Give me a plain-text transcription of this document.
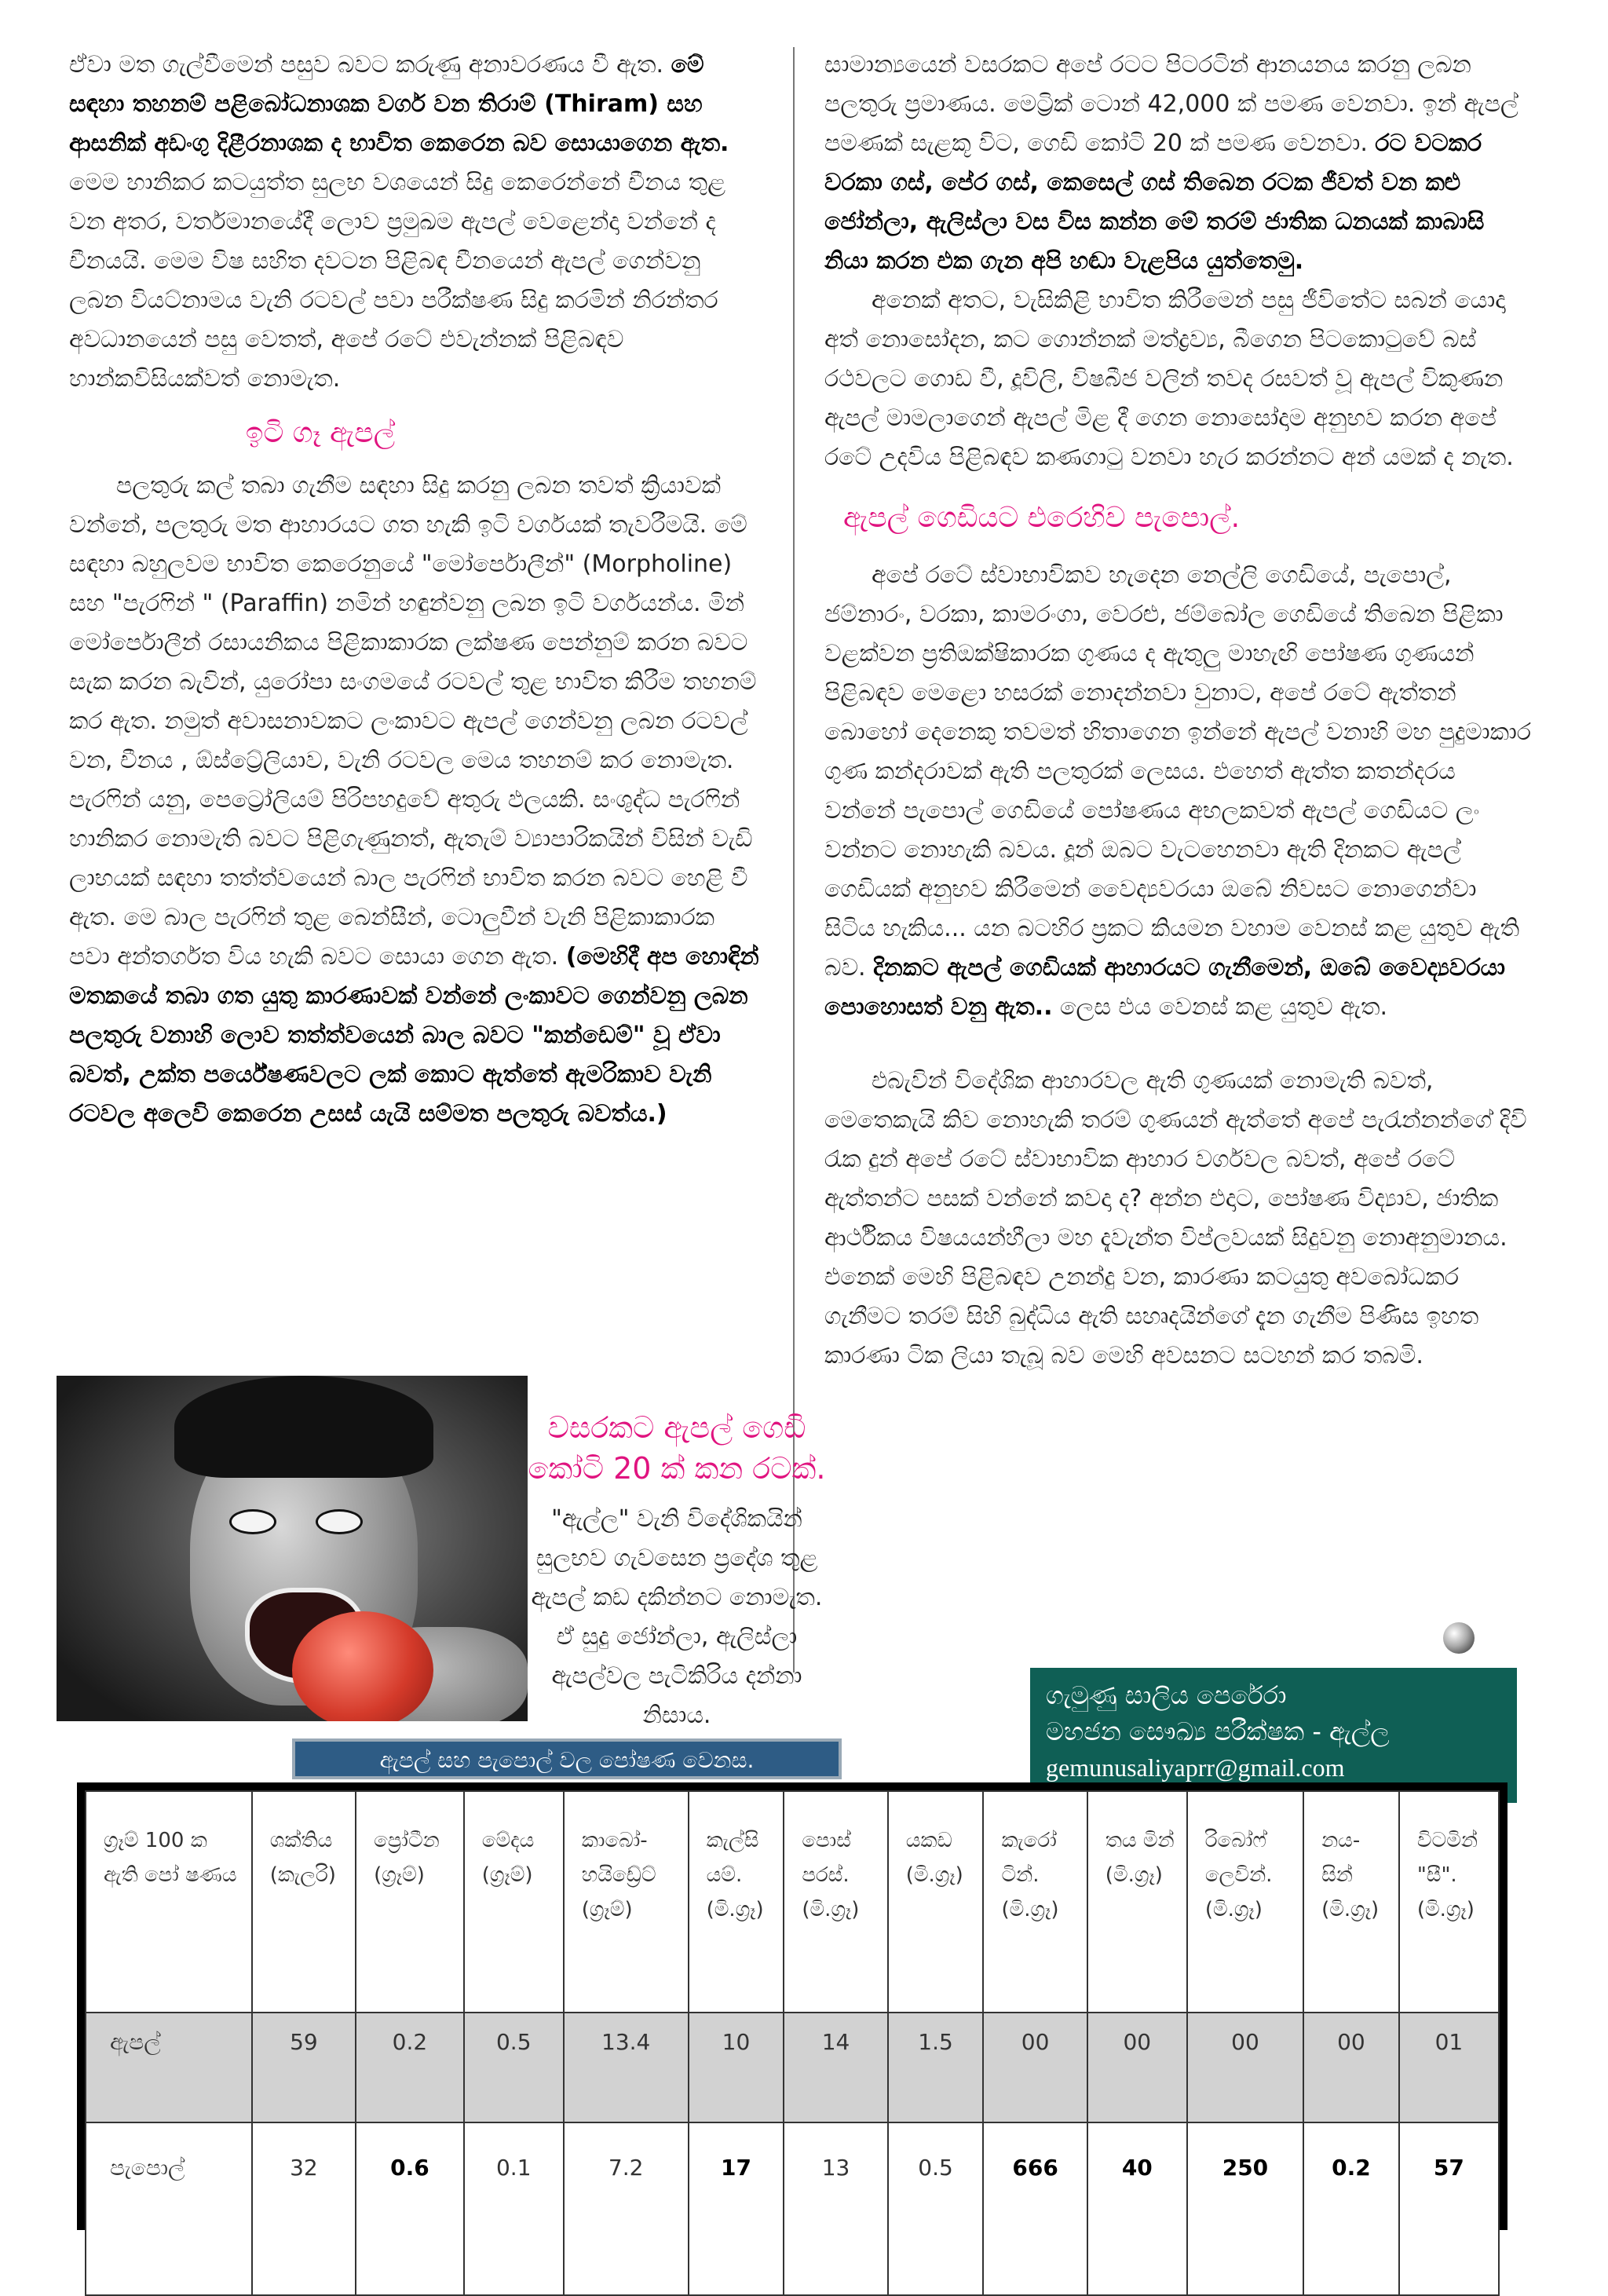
ඒවා මත ගැල්වීමෙන් පසුව බවට කරුණු අනාවරණය වී ඇත. මේ සඳහා තහනම් පළිබෝධනාශක වර්ග වන තිරාම් (Thiram) සහ ආසනික් අඩංගු දිළීරනාශක ද භාවිත කෙරෙන බව සොයාගෙන ඇත. මෙම හානිකර කටයුත්ත සුලභ වශයෙන් සිදු කෙරෙන්නේ චීනය තුළ වන අතර, වර්තමානයේදී ලොව ප්‍රමුඛම ඇපල් වෙළෙන්දා වන්නේ ද චීනයයි. මෙම විෂ සහිත දවටන පිළිබඳ චීනයෙන් ඇපල් ගෙන්වනු ලබන වියට්නාමය වැනි රටවල් පවා පරීක්ෂණ සිදු කරමින් නිරන්තර අවධානයෙන් පසු වෙතත්, අපේ රටේ එවැන්නක් පිළිබඳව හාන්කවිසියක්වත් නොමැත.

ඉටි ගෑ ඇපල්

පලතුරු කල් තබා ගැනීම සඳහා සිදු කරනු ලබන තවත් ක්‍රියාවක් වන්නේ, පලතුරු මත ආහාරයට ගත හැකි ඉටි වර්ගයක් තැවරීමයි. මේ සඳහා බහුලවම භාවිත කෙරෙනුයේ "මෝර්පොලීන්" (Morpholine) සහ "පැරෆින් " (Paraffin) නමින් හඳුන්වනු ලබන ඉටි වර්ගයන්ය. මින් මෝර්පොලීන් රසායනිකය පිළිකාකාරක ලක්ෂණ පෙන්නුම් කරන බවට සැක කරන බැවින්, යුරෝපා සංගමයේ රටවල් තුළ භාවිත කිරීම තහනම් කර ඇත. නමුත් අවාසනාවකට ලංකාවට ඇපල් ගෙන්වනු ලබන රටවල් වන, චීනය , ඕස්ට්‍රේලියාව, වැනි රටවල මෙය තහනම් කර නොමැත. පැරෆින් යනු, පෙට්‍රෝලියම් පිරිපහදුවේ අතුරු ඵලයකි. සංශුද්ධ පැරෆින් හානිකර නොමැති බවට පිළිගැණුනත්, ඇතැම් ව්‍යාපාරිකයින් විසින් වැඩි ලාභයක් සඳහා තත්ත්වයෙන් බාල පැරෆින් භාවිත කරන බවට හෙළි වී ඇත. මෙ බාල පැරෆින් තුළ බෙන්සීන්, ටොලුවීන් වැනි පිළිකාකාරක පවා අන්තර්ගත විය හැකි බවට සොයා ගෙන ඇත. (මෙහිදී අප හොඳින් මතකයේ තබා ගත යුතු කාරණාවක් වන්නේ ලංකාවට ගෙන්වනු ලබන පලතුරු වනාහි ලොව තත්ත්වයෙන් බාල බවට "කන්ඩෙම්" වූ ඒවා බවත්, උක්ත පර්යේෂණවලට ලක් කොට ඇත්තේ ඇමරිකාව වැනි රටවල අලෙවි කෙරෙන උසස් යැයි සම්මත පලතුරු බවත්ය.)

සාමාන්‍යයෙන් වසරකට අපේ රටට පිටරටින් ආනයනය කරනු ලබන පලතුරු ප්‍රමාණය. මෙට්‍රික් ටොන් 42,000 ක් පමණ වෙනවා. ඉන් ඇපල් පමණක් සැළකූ විට, ගෙඩි කෝටි 20 ක් පමණ වෙනවා. රට වටකර වරකා ගස්, පේර ගස්, කෙසෙල් ගස් තිබෙන රටක ජීවත් වන කළු ජෝන්ලා, ඇලිස්ලා වස විස කන්න මේ තරම් ජාතික ධනයක් කාබාසි නියා කරන එක ගැන අපි හඬා වැළපිය යුත්තෙමු.

අනෙක් අතට, වැසිකිළි භාවිත කිරීමෙන් පසු ජීවිතේට සබන් යොදා අත් නොසෝදන, කට ගොන්නක් මත්ද්‍රව්‍ය, බීගෙන පිටකොටුවේ බස් රථවලට ගොඩ වී, දූවිලි, විෂබීජ වලින් තවද රසවත් වූ ඇපල් විකුණන ඇපල් මාමලාගෙන් ඇපල් මිළ දී ගෙන නොසෝදාම අනුභව කරන අපේ රටේ උදවිය පිළිබඳව කණගාටු වනවා හැර කරන්නට අන් යමක් ද නැත.

ඇපල් ගෙඩියට එරෙහිව පැපොල්.

අපේ රටේ ස්වාභාවිකව හැදෙන නෙල්ලි ගෙඩියේ, පැපොල්, ජම්නාරං, වරකා, කාමරංගා, වෙරළු, ජම්බෝල ගෙඩියේ තිබෙන පිළිකා වළක්වන ප්‍රතිඔක්ෂිකාරක ගුණය ද ඇතුලු මාහැඟි පෝෂණ ගුණයන් පිළිබඳව මෙළො හසරක් නොදන්නවා වුනාට, අපේ රටේ ඇත්තන් බොහෝ දෙනෙකු තවමත් හිතාගෙන ඉන්නේ ඇපල් වනාහි මහ පුදුමාකාර ගුණ කන්දරාවක් ඇති පලතුරක් ලෙසය. එහෙත් ඇත්ත කතන්දරය වන්නේ පැපොල් ගෙඩියේ පෝෂණය අභලකවත් ඇපල් ගෙඩියට ලං වන්නට නොහැකි බවය. දූන් ඔබට වැටහෙනවා ඇති දිනකට ඇපල් ගෙඩියක් අනුභව කිරීමෙන් වෛද්‍යවරයා ඔබේ නිවසට නොගෙන්වා සිටිය හැකිය... යන බටහිර ප්‍රකට කියමන වහාම වෙනස් කළ යුතුව ඇති බව. දිනකට ඇපල් ගෙඩියක් ආහාරයට ගැනීමෙන්, ඔබේ වෛද්‍යවරයා පොහොසත් වනු ඇත.. ලෙස එය වෙනස් කළ යුතුව ඇත.

එබැවින් විදේශික ආහාරවල ඇති ගුණයක් නොමැති බවත්, මෙතෙකැයි කිව නොහැකි තරම් ගුණයන් ඇත්තේ අපේ පැරැන්නන්ගේ දිවි රැක දුන් අපේ රටේ ස්වාභාවික ආහාර වර්ගවල බවත්, අපේ රටේ ඇත්තන්ට පසක් වන්නේ කවදා ද? අන්න එදාට, පෝෂණ විද්‍යාව, ජාතික ආර්ථිකය විෂයයන්හීලා මහ දැවැන්ත විප්ලවයක් සිදුවනු නොඅනුමානය. එනෙක් මෙහි පිළිබඳව උනන්දු වන, කාරණා කටයුතු අවබෝධකර ගැනීමට තරම් සිහි බුද්ධිය ඇති සහෘදයින්ගේ දැන ගැනීම පිණිස ඉහත කාරණා ටික ලියා තැබූ බව මෙහි අවසනට සටහන් කර තබමි.

වසරකට ඇපල් ගෙඩි කෝටි 20 ක් කන රටක්.
"ඇල්ල" වැනි විදේශිකයින් සුලභව ගැවසෙන ප්‍රදේශ තුළ ඇපල් කඩ දකින්නට නොමැත. ඒ සුදු ජෝන්ලා, ඇලිස්ලා ඇපල්වල පැටිකිරිය දන්නා නිසාය.
ගැමුණු සාලිය පෙරේරා
මහජන සෞඛ්‍ය පරීක්ෂක - ඇල්ල
gemunusaliyaprr@gmail.com
ඇපල් සහ පැපොල් වල පෝෂණ වෙනස.
ග්‍රෑම් 100 ක ඇති පෝ ෂණය	ශක්තිය (කැලරි)	ප්‍රෝටීන (ග්‍රෑම්)	මේදය (ග්‍රෑම්)	කාබෝ-හයිඩ්‍රේට් (ග්‍රෑම්)	කැල්සි යම්. (මි.ග්‍රෑ)	පොස් පරස්. (මි.ග්‍රෑ)	යකඩ (මි.ග්‍රෑ)	කැරෝ ටින්. (මි.ග්‍රෑ)	තය මින් (මි.ග්‍රෑ)	රිබෝෆ් ලෙවින්. (මි.ග්‍රෑ)	නය-සින් (මි.ග්‍රෑ)	විටමින් "සී". (මි.ග්‍රෑ)
ඇපල්	59	0.2	0.5	13.4	10	14	1.5	00	00	00	00	01
පැපොල්	32	0.6	0.1	7.2	17	13	0.5	666	40	250	0.2	57
